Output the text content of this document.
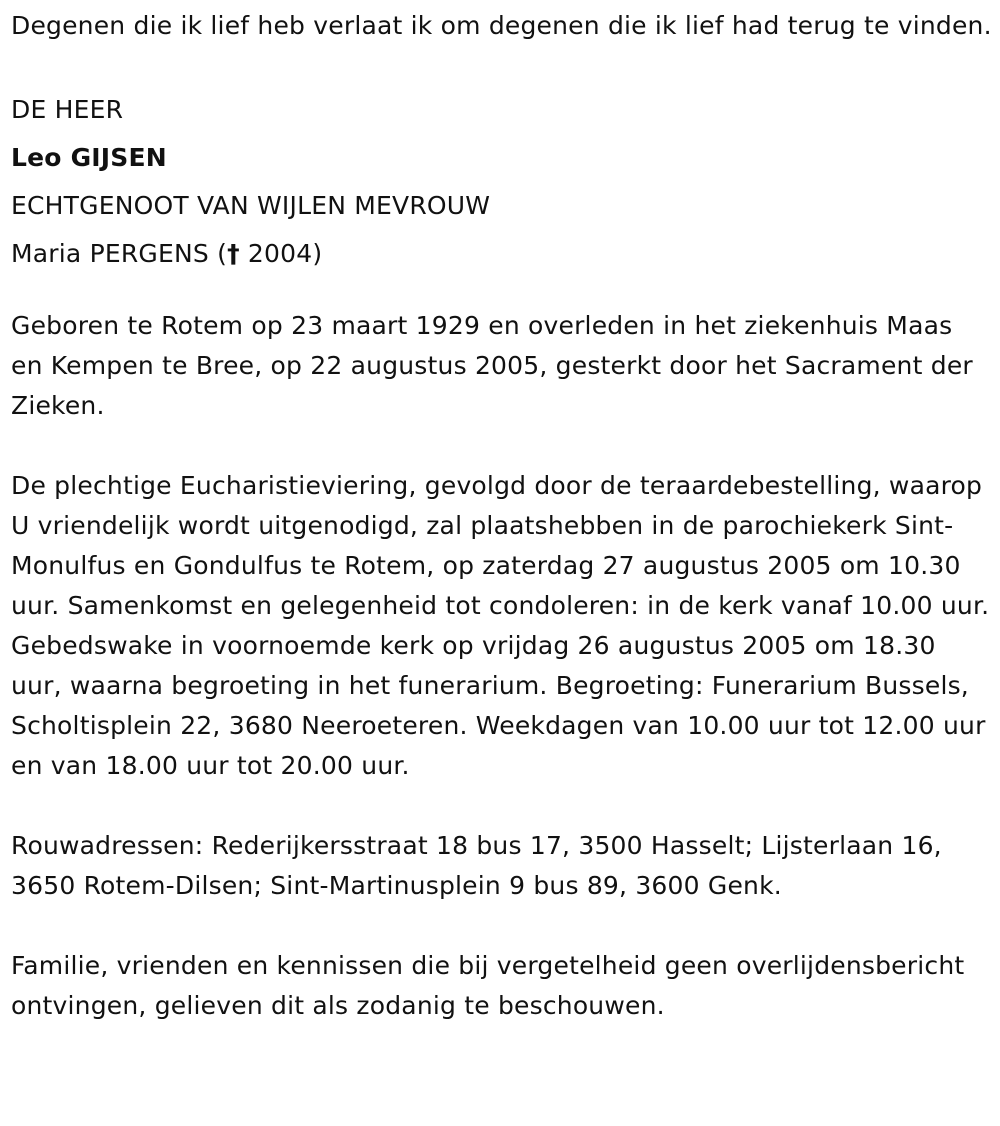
Degenen die ik lief heb verlaat ik om degenen die ik lief had terug te vinden.

DE HEER
Leo GIJSEN
ECHTGENOOT VAN WIJLEN MEVROUW
Maria PERGENS († 2004)

Geboren te Rotem op 23 maart 1929 en overleden in het ziekenhuis Maas en Kempen te Bree, op 22 augustus 2005, gesterkt door het Sacrament der Zieken.

De plechtige Eucharistieviering, gevolgd door de teraardebestelling, waarop U vriendelijk wordt uitgenodigd, zal plaatshebben in de parochiekerk Sint-Monulfus en Gondulfus te Rotem, op zaterdag 27 augustus 2005 om 10.30 uur. Samenkomst en gelegenheid tot condoleren: in de kerk vanaf 10.00 uur. Gebedswake in voornoemde kerk op vrijdag 26 augustus 2005 om 18.30 uur, waarna begroeting in het funerarium. Begroeting: Funerarium Bussels, Scholtisplein 22, 3680 Neeroeteren. Weekdagen van 10.00 uur tot 12.00 uur en van 18.00 uur tot 20.00 uur.

Rouwadressen: Rederijkersstraat 18 bus 17, 3500 Hasselt; Lijsterlaan 16, 3650 Rotem-Dilsen; Sint-Martinusplein 9 bus 89, 3600 Genk.

Familie, vrienden en kennissen die bij vergetelheid geen overlijdensbericht ontvingen, gelieven dit als zodanig te beschouwen.
